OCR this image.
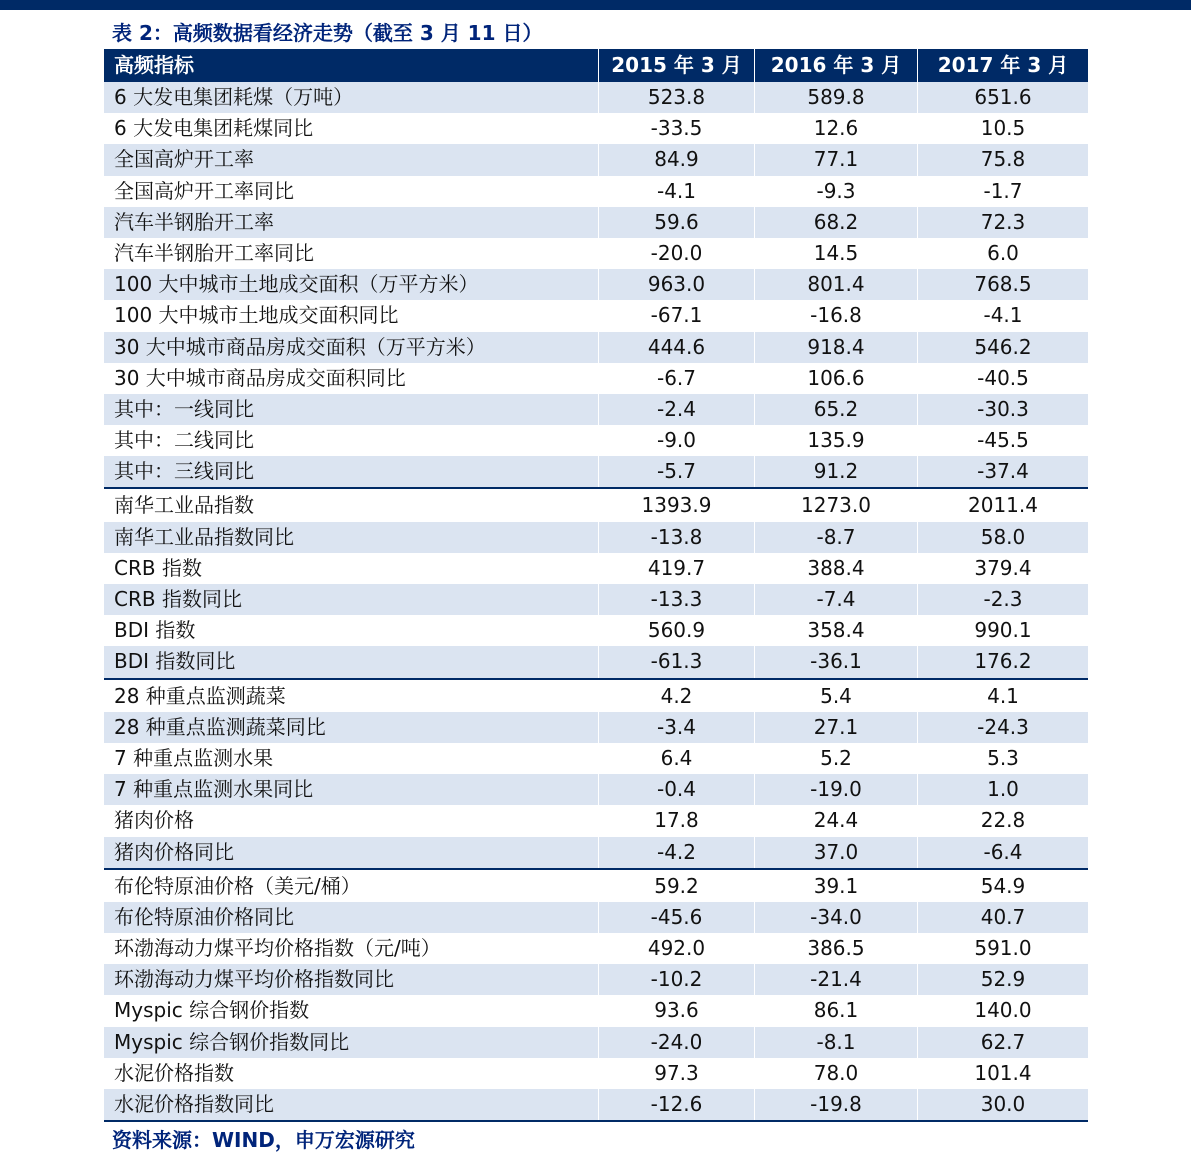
表 2：高频数据看经济走势（截至 3 月 11 日）
高频指标	2015 年 3 月	2016 年 3 月	2017 年 3 月
6 大发电集团耗煤（万吨）	523.8	589.8	651.6
6 大发电集团耗煤同比	-33.5	12.6	10.5
全国高炉开工率	84.9	77.1	75.8
全国高炉开工率同比	-4.1	-9.3	-1.7
汽车半钢胎开工率	59.6	68.2	72.3
汽车半钢胎开工率同比	-20.0	14.5	6.0
100 大中城市土地成交面积（万平方米）	963.0	801.4	768.5
100 大中城市土地成交面积同比	-67.1	-16.8	-4.1
30 大中城市商品房成交面积（万平方米）	444.6	918.4	546.2
30 大中城市商品房成交面积同比	-6.7	106.6	-40.5
其中：一线同比	-2.4	65.2	-30.3
其中：二线同比	-9.0	135.9	-45.5
其中：三线同比	-5.7	91.2	-37.4
南华工业品指数	1393.9	1273.0	2011.4
南华工业品指数同比	-13.8	-8.7	58.0
CRB 指数	419.7	388.4	379.4
CRB 指数同比	-13.3	-7.4	-2.3
BDI 指数	560.9	358.4	990.1
BDI 指数同比	-61.3	-36.1	176.2
28 种重点监测蔬菜	4.2	5.4	4.1
28 种重点监测蔬菜同比	-3.4	27.1	-24.3
7 种重点监测水果	6.4	5.2	5.3
7 种重点监测水果同比	-0.4	-19.0	1.0
猪肉价格	17.8	24.4	22.8
猪肉价格同比	-4.2	37.0	-6.4
布伦特原油价格（美元/桶）	59.2	39.1	54.9
布伦特原油价格同比	-45.6	-34.0	40.7
环渤海动力煤平均价格指数（元/吨）	492.0	386.5	591.0
环渤海动力煤平均价格指数同比	-10.2	-21.4	52.9
Myspic 综合钢价指数	93.6	86.1	140.0
Myspic 综合钢价指数同比	-24.0	-8.1	62.7
水泥价格指数	97.3	78.0	101.4
水泥价格指数同比	-12.6	-19.8	30.0
资料来源：WIND，申万宏源研究
